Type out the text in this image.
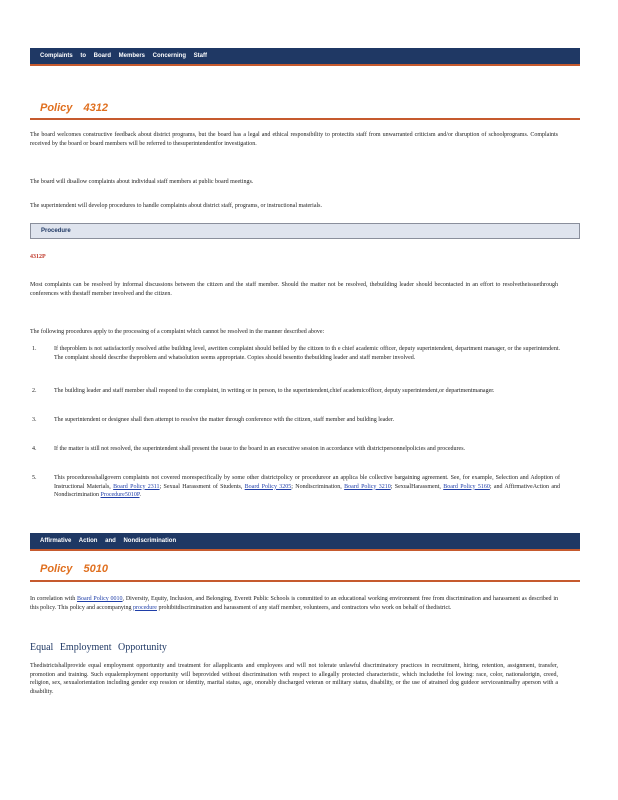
Complaints to Board Members Concerning Staff
Policy 4312
The board welcomes constructive feedback about district programs, but the board has a legal and ethical responsibility to protectits staff from unwarranted criticism and/or disruption of schoolprograms. Complaints received by the board or board members will be referred to thesuperintendentfor investigation.
The board will disallow complaints about individual staff members at public board meetings.
The superintendent will develop procedures to handle complaints about district staff, programs, or instructional materials.
Procedure
4312P
Most complaints can be resolved by informal discussions between the citizen and the staff member. Should the matter not be resolved, thebuilding leader should becontacted in an effort to resolvetheissuethrough conferences with thestaff member involved and the citizen.
The following procedures apply to the processing of a complaint which cannot be resolved in the manner described above:
1.	If theproblem is not satisfactorily resolved atthe building level, awritten complaint should befiled by the citizen to th e chief academic officer, deputy superintendent, department manager, or the superintendent. The complaint should describe theproblem and whatsolution seems appropriate. Copies should besentto thebuilding leader and staff member involved.
2.	The building leader and staff member shall respond to the complaint, in writing or in person, to the superintendent,chief academicofficer, deputy superintendent,or departmentmanager.
3.	The superintendent or designee shall then attempt to resolve the matter through conference with the citizen, staff member and building leader.
4.	If the matter is still not resolved, the superintendent shall present the issue to the board in an executive session in accordance with districtpersonnelpolicies and procedures.
5.	This proceduresshallgovern complaints not covered morespecifically by some other districtpolicy or procedureor an applica ble collective bargaining agreement. See, for example, Selection and Adoption of Instructional Materials, Board Policy 2311; Sexual Harassment of Students, Board Policy 3205; Nondiscrimination, Board Policy 3210; SexualHarassment, Board Policy 5160; and AffirmativeAction and Nondiscrimination Procedure5010P.
Affirmative Action and Nondiscrimination
Policy 5010
In correlation with Board Policy 0010, Diversity, Equity, Inclusion, and Belonging, Everett Public Schools is committed to an educational working environment free from discrimination and harassment as described in this policy. This policy and accompanying procedure prohibitdiscrimination and harassment of any staff member, volunteers, and contractors who work on behalf of thedistrict.
Equal Employment Opportunity
Thedistrictshallprovide equal employment opportunity and treatment for allapplicants and employees and will not tolerate unlawful discriminatory practices in recruitment, hiring, retention, assignment, transfer, promotion and training. Such equalemployment opportunity will beprovided without discrimination with respect to allegally protected characteristic, which includethe fol lowing: race, color, nationalorigin, creed, religion, sex, sexualorientation including gender exp ression or identity, marital status, age, onorably discharged veteran or military status, disability, or the use of atrained dog guideor serviceanimalby aperson with a disability.
